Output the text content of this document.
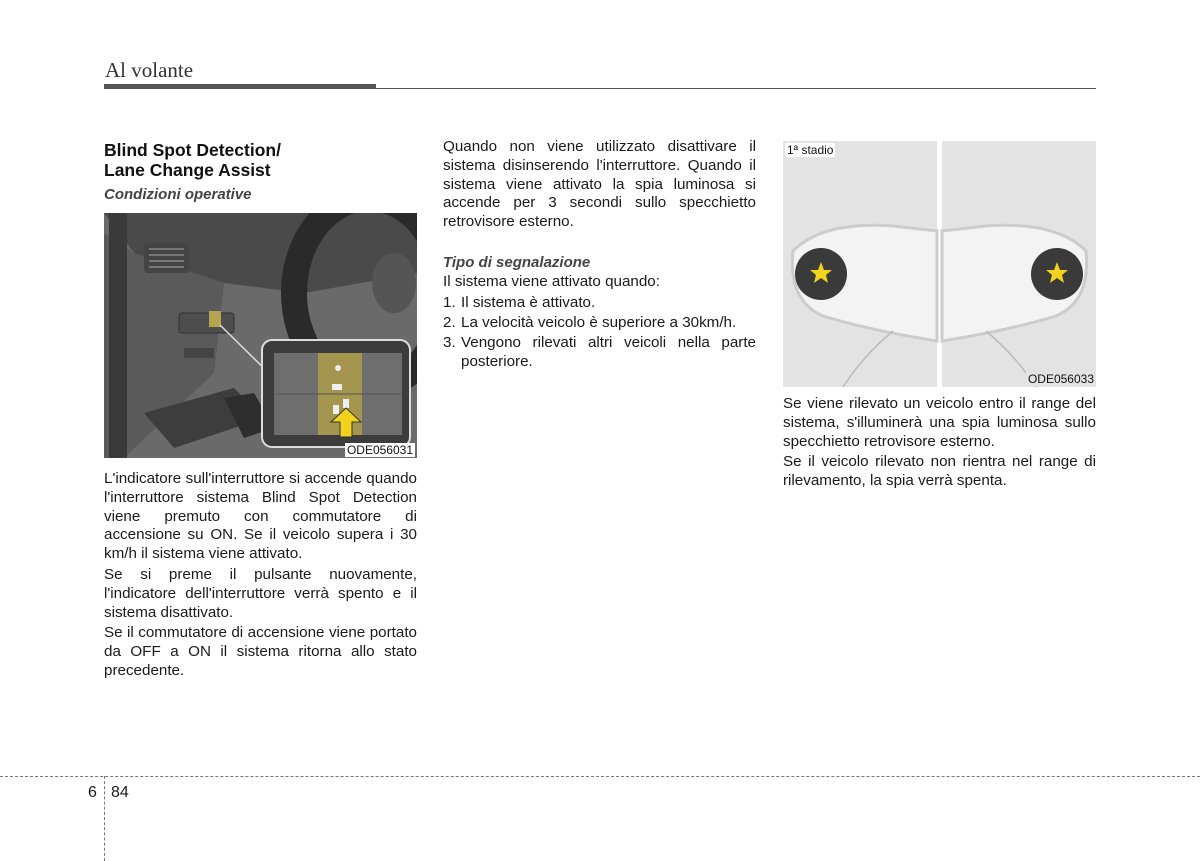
Al volante
Blind Spot Detection/
Lane Change Assist
Condizioni operative
ODE056031
L'indicatore sull'interruttore si accende quando l'interruttore sistema Blind Spot Detection viene premuto con commutatore di accensione su ON. Se il veicolo supera i 30 km/h il sistema viene attivato.
Se si preme il pulsante nuovamente, l'indicatore dell'interruttore verrà spento e il sistema disattivato.
Se il commutatore di accensione viene portato da OFF a ON il sistema ritorna allo stato precedente.
Quando non viene utilizzato disattivare il sistema disinserendo l'interruttore. Quando il sistema viene attivato la spia luminosa si accende per 3 secondi sullo specchietto retrovisore esterno.
Tipo di segnalazione
Il sistema viene attivato quando:
1. Il sistema è attivato.
2. La velocità veicolo è superiore a 30km/h.
3. Vengono rilevati altri veicoli nella parte posteriore.
1ª stadio
ODE056033
Se viene rilevato un veicolo entro il range del sistema, s'illuminerà una spia luminosa sullo specchietto retrovisore esterno.
Se il veicolo rilevato non rientra nel range di rilevamento, la spia verrà spenta.
6 84
